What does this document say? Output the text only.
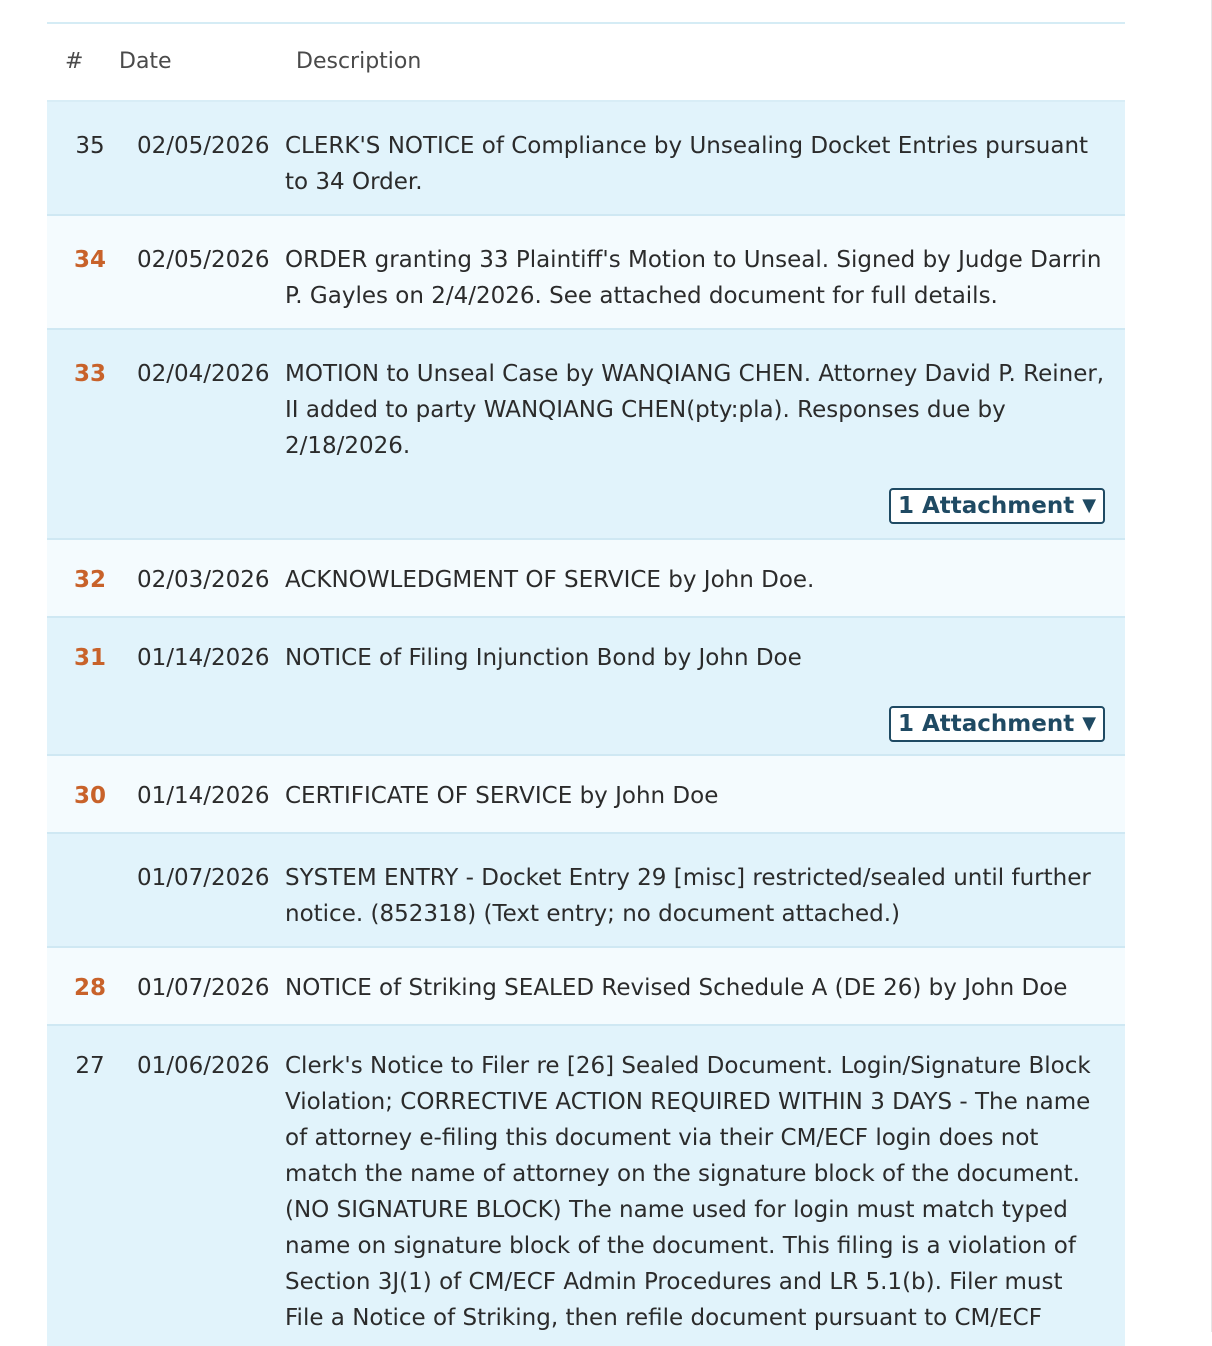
# Date	Description
35	02/05/2026 CLERK'S NOTICE of Compliance by Unsealing Docket Entries pursuant to 34 Order.
34	02/05/2026 ORDER granting 33 Plaintiff's Motion to Unseal. Signed by Judge Darrin P. Gayles on 2/4/2026. See attached document for full details.
33	02/04/2026 MOTION to Unseal Case by WANQIANG CHEN. Attorney David P. Reiner, II added to party WANQIANG CHEN(pty:pla). Responses due by 2/18/2026.
1 Attachment ▼
32	02/03/2026 ACKNOWLEDGMENT OF SERVICE by John Doe.
31	01/14/2026 NOTICE of Filing Injunction Bond by John Doe
1 Attachment ▼
30	01/14/2026 CERTIFICATE OF SERVICE by John Doe
01/07/2026 SYSTEM ENTRY - Docket Entry 29 [misc] restricted/sealed until further notice. (852318) (Text entry; no document attached.)
28	01/07/2026 NOTICE of Striking SEALED Revised Schedule A (DE 26) by John Doe
27	01/06/2026 Clerk's Notice to Filer re [26] Sealed Document. Login/Signature Block Violation; CORRECTIVE ACTION REQUIRED WITHIN 3 DAYS - The name of attorney e-filing this document via their CM/ECF login does not match the name of attorney on the signature block of the document. (NO SIGNATURE BLOCK) The name used for login must match typed name on signature block of the document. This filing is a violation of Section 3J(1) of CM/ECF Admin Procedures and LR 5.1(b). Filer must File a Notice of Striking, then refile document pursuant to CM/ECF
